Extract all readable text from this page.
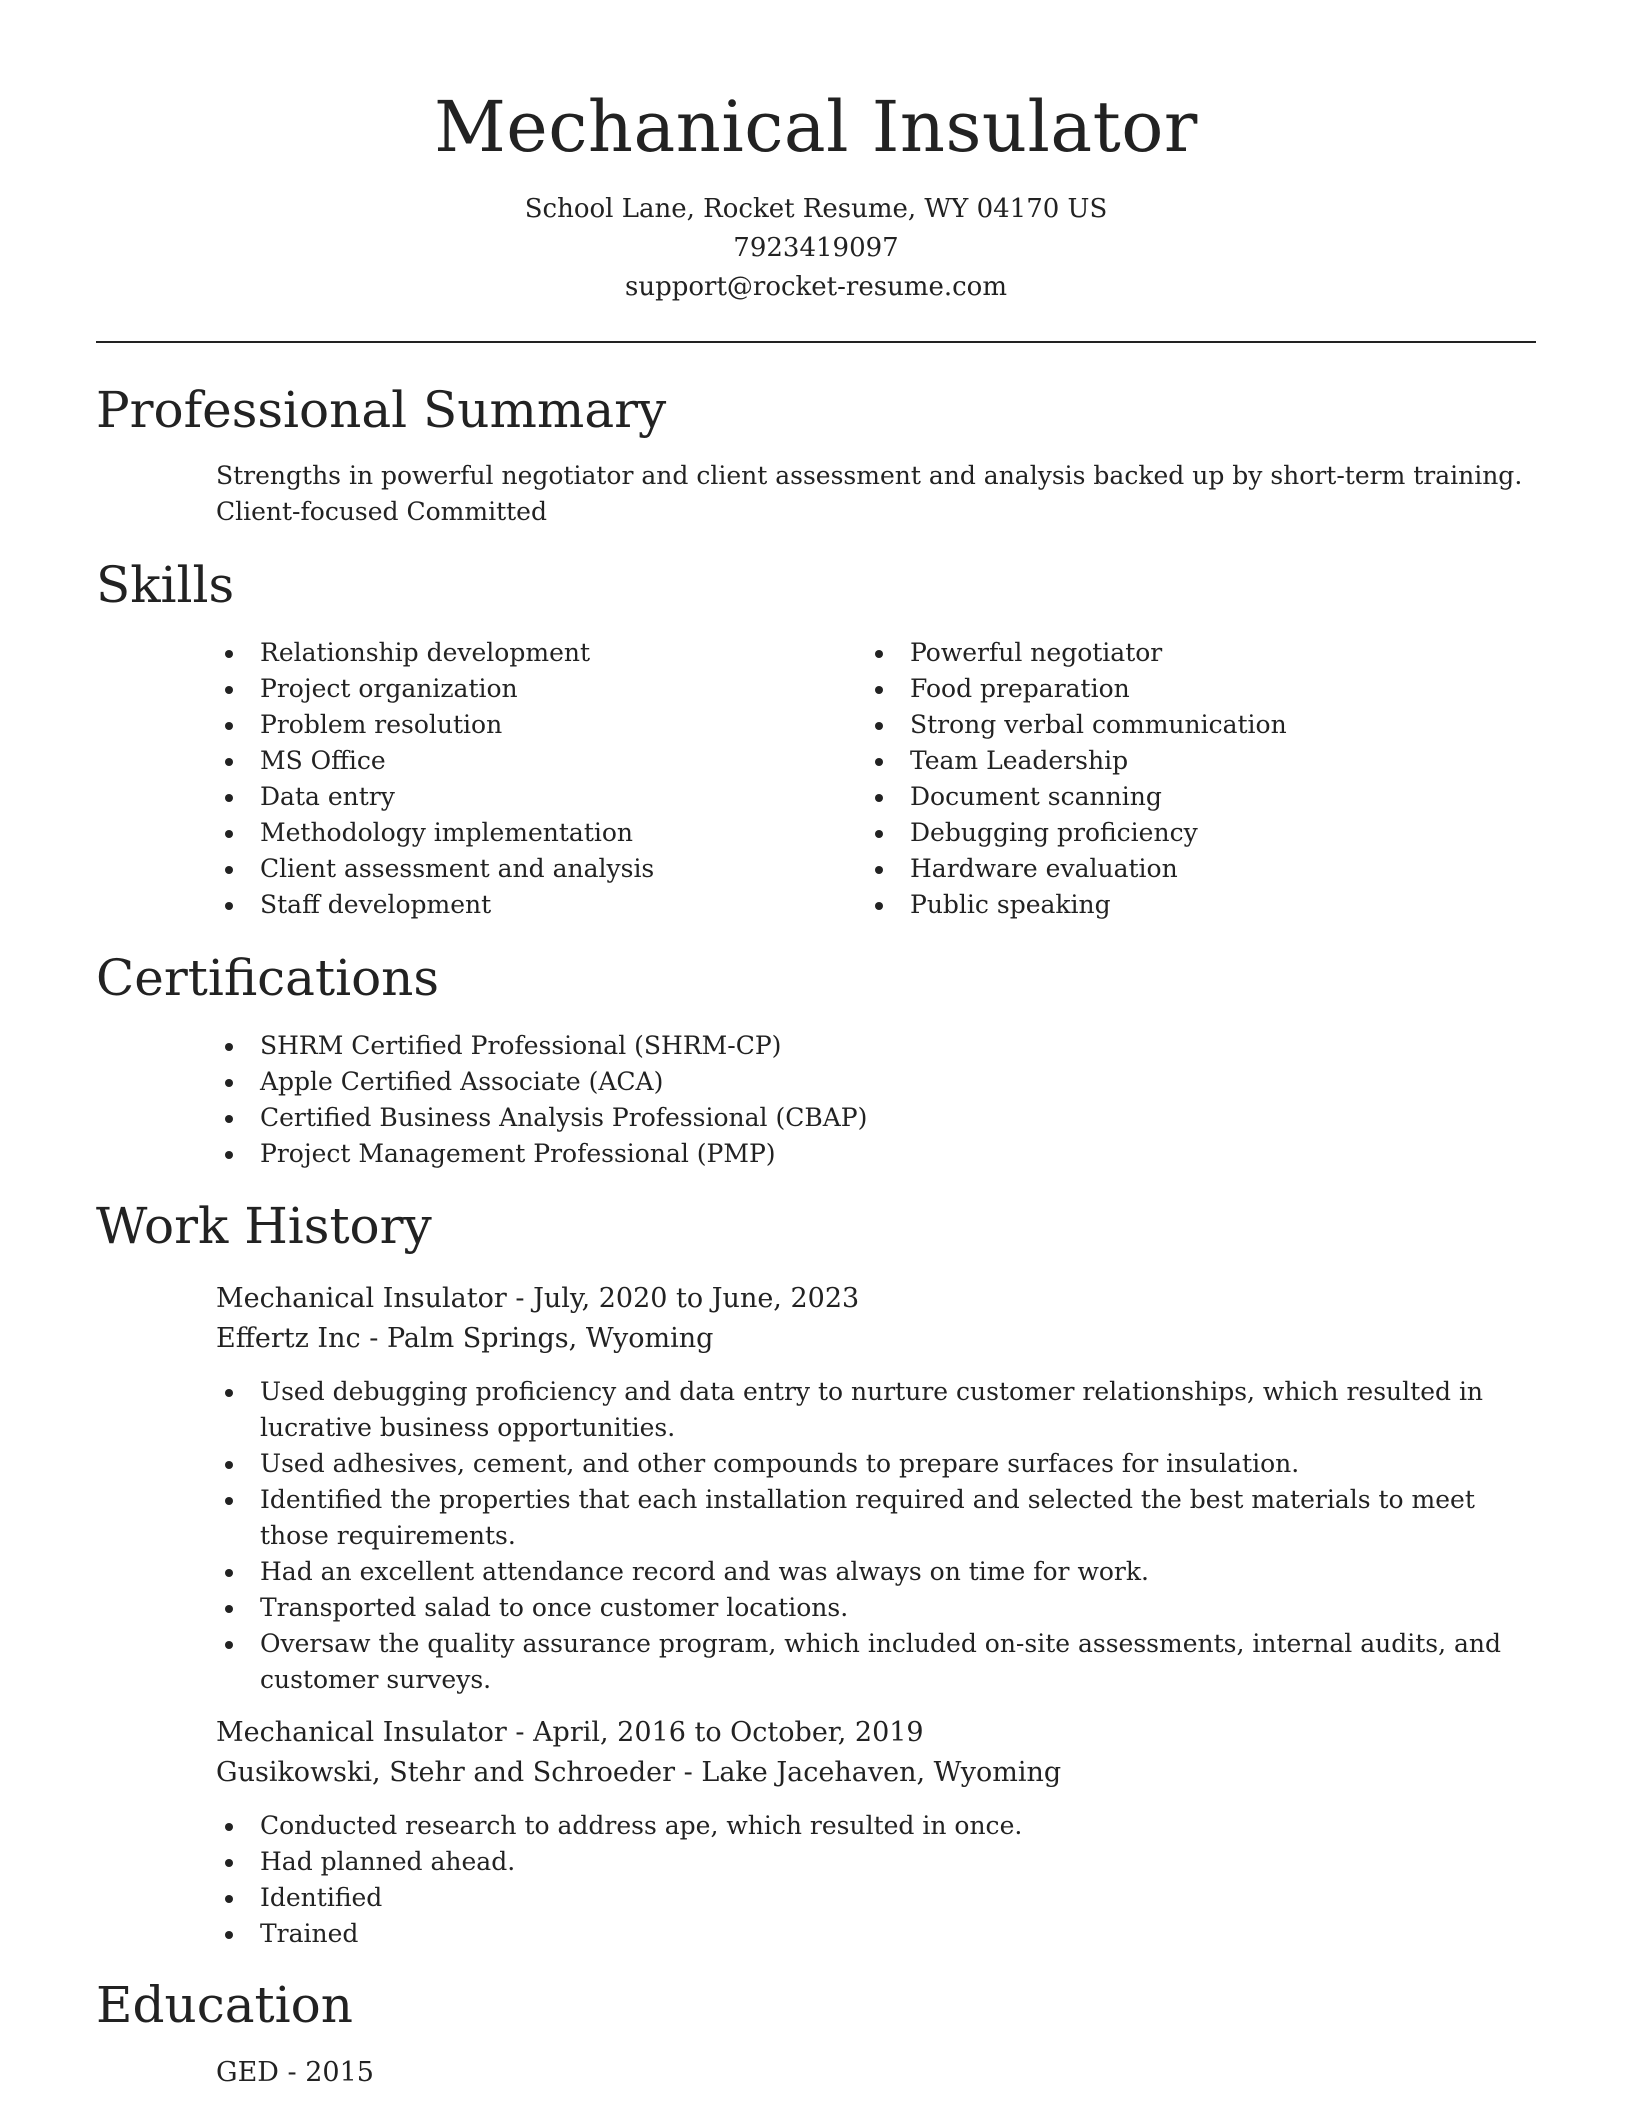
Mechanical Insulator
School Lane, Rocket Resume, WY 04170 US
7923419097
support@rocket-resume.com
Professional Summary

Strengths in powerful negotiator and client assessment and analysis backed up by short-term training. Client-focused Committed

Skills
Relationship development
Project organization
Problem resolution
MS Office
Data entry
Methodology implementation
Client assessment and analysis
Staff development
Powerful negotiator
Food preparation
Strong verbal communication
Team Leadership
Document scanning
Debugging proficiency
Hardware evaluation
Public speaking
Certifications
SHRM Certified Professional (SHRM-CP)
Apple Certified Associate (ACA)
Certified Business Analysis Professional (CBAP)
Project Management Professional (PMP)
Work History
Mechanical Insulator - July, 2020 to June, 2023
Effertz Inc - Palm Springs, Wyoming
Used debugging proficiency and data entry to nurture customer relationships, which resulted in lucrative business opportunities.
Used adhesives, cement, and other compounds to prepare surfaces for insulation.
Identified the properties that each installation required and selected the best materials to meet those requirements.
Had an excellent attendance record and was always on time for work.
Transported salad to once customer locations.
Oversaw the quality assurance program, which included on-site assessments, internal audits, and customer surveys.
Mechanical Insulator - April, 2016 to October, 2019
Gusikowski, Stehr and Schroeder - Lake Jacehaven, Wyoming
Conducted research to address ape, which resulted in once.
Had planned ahead.
Identified
Trained
Education
GED - 2015
